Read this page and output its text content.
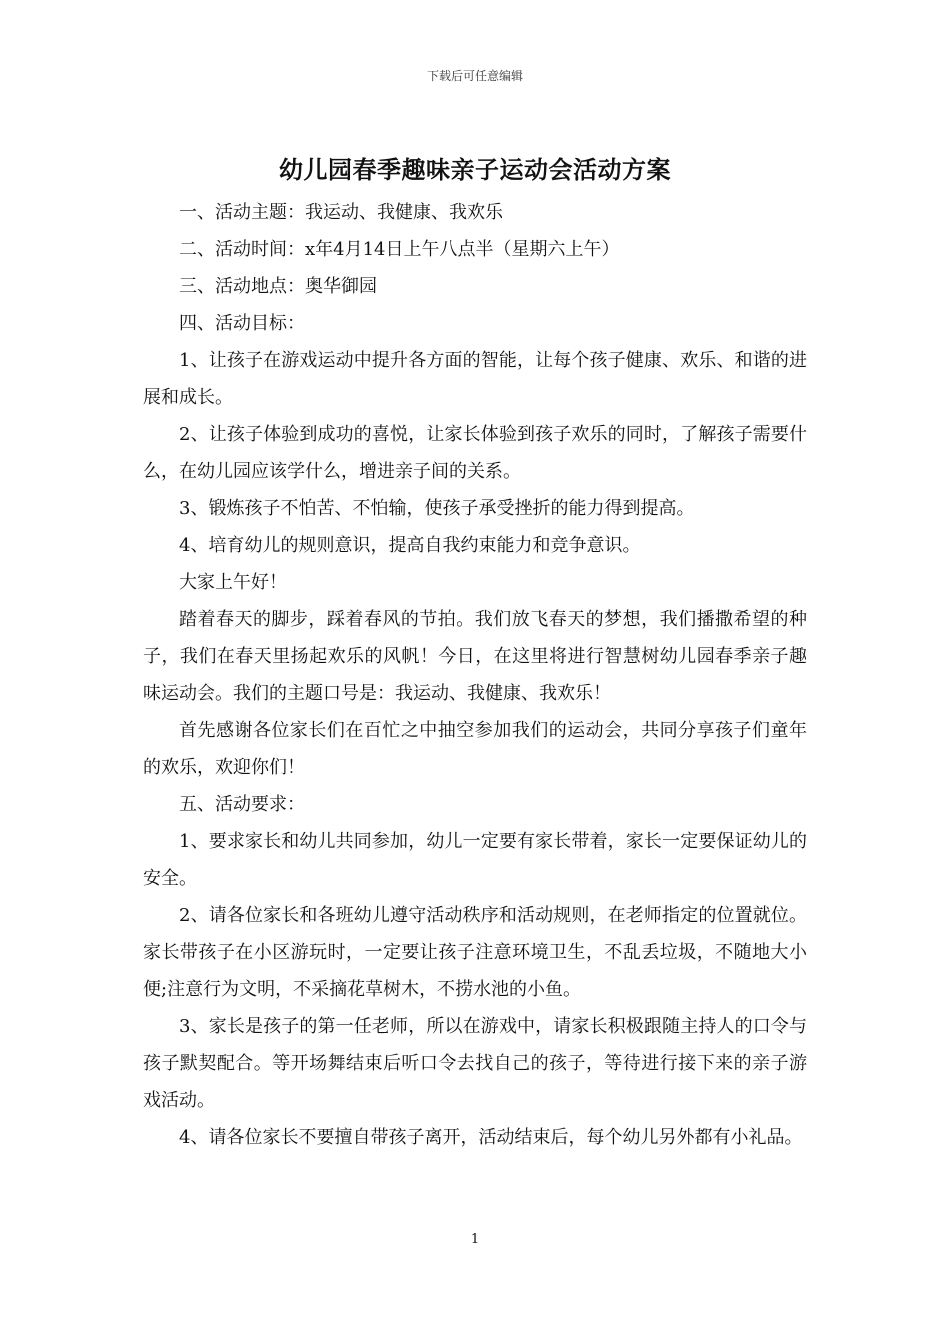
下载后可任意编辑
幼儿园春季趣味亲子运动会活动方案

一、活动主题：我运动、我健康、我欢乐

二、活动时间：x年4月14日上午八点半（星期六上午）

三、活动地点：奥华御园

四、活动目标：

1、让孩子在游戏运动中提升各方面的智能，让每个孩子健康、欢乐、和谐的进展和成长。

2、让孩子体验到成功的喜悦，让家长体验到孩子欢乐的同时，了解孩子需要什么，在幼儿园应该学什么，增进亲子间的关系。

3、锻炼孩子不怕苦、不怕输，使孩子承受挫折的能力得到提高。

4、培育幼儿的规则意识，提高自我约束能力和竞争意识。

大家上午好！

踏着春天的脚步，踩着春风的节拍。我们放飞春天的梦想，我们播撒希望的种子，我们在春天里扬起欢乐的风帆！今日，在这里将进行智慧树幼儿园春季亲子趣味运动会。我们的主题口号是：我运动、我健康、我欢乐！

首先感谢各位家长们在百忙之中抽空参加我们的运动会，共同分享孩子们童年的欢乐，欢迎你们！

五、活动要求：

1、要求家长和幼儿共同参加，幼儿一定要有家长带着，家长一定要保证幼儿的安全。

2、请各位家长和各班幼儿遵守活动秩序和活动规则，在老师指定的位置就位。家长带孩子在小区游玩时，一定要让孩子注意环境卫生，不乱丢垃圾，不随地大小便;注意行为文明，不采摘花草树木，不捞水池的小鱼。

3、家长是孩子的第一任老师，所以在游戏中，请家长积极跟随主持人的口令与孩子默契配合。等开场舞结束后听口令去找自己的孩子，等待进行接下来的亲子游戏活动。

4、请各位家长不要擅自带孩子离开，活动结束后，每个幼儿另外都有小礼品。

1
